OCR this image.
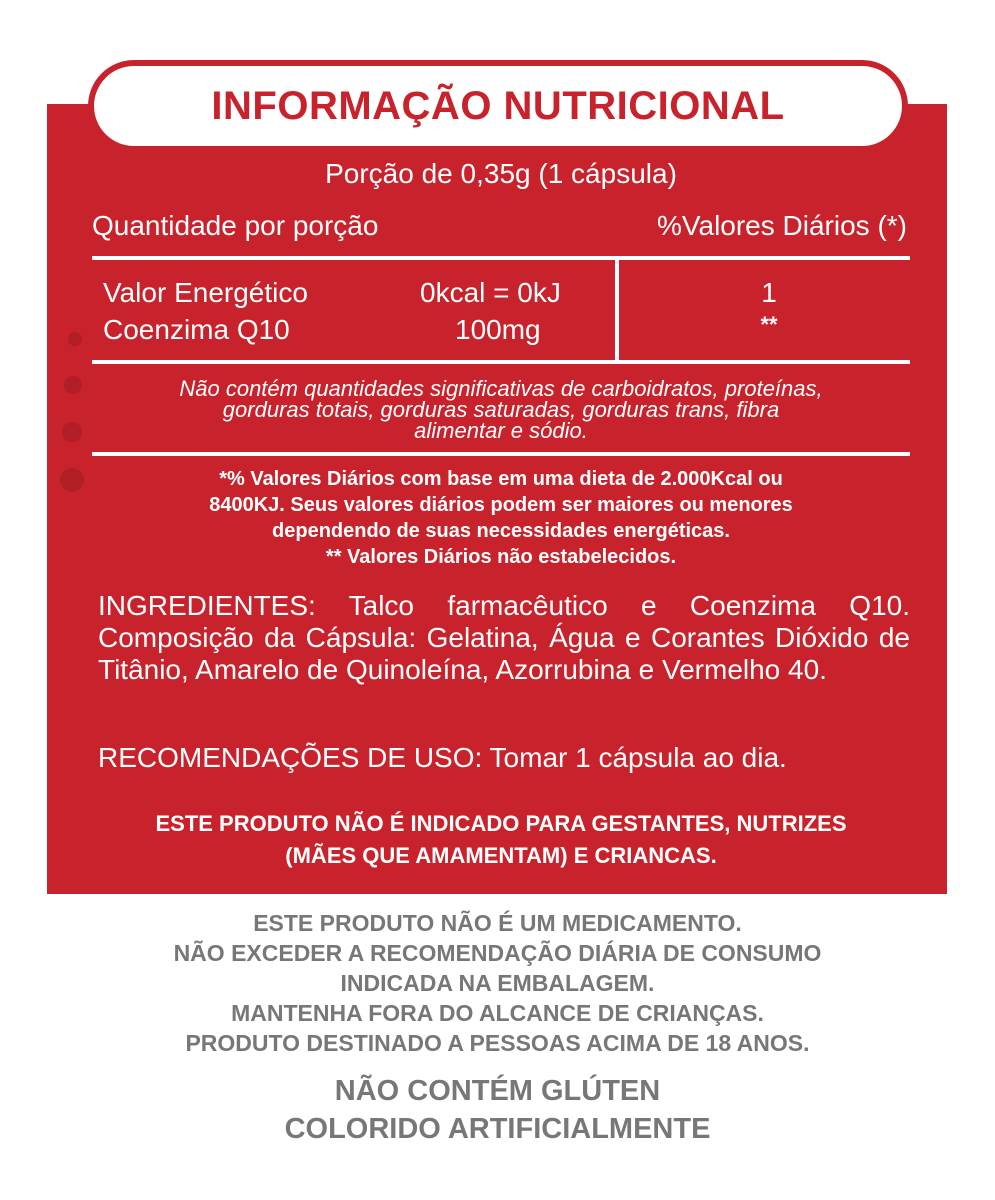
INFORMAÇÃO NUTRICIONAL
Porção de 0,35g (1 cápsula)
Quantidade por porção	%Valores Diários (*)
Valor Energético	0kcal = 0kJ	1
Coenzima Q10	100mg	**
Não contém quantidades significativas de carboidratos, proteínas,
gorduras totais, gorduras saturadas, gorduras trans, fibra
alimentar e sódio.
*% Valores Diários com base em uma dieta de 2.000Kcal ou
8400KJ. Seus valores diários podem ser maiores ou menores
dependendo de suas necessidades energéticas.
** Valores Diários não estabelecidos.
INGREDIENTES: Talco farmacêutico e Coenzima Q10. Composição da Cápsula: Gelatina, Água e Corantes Dióxido de Titânio, Amarelo de Quinoleína, Azorrubina e Vermelho 40.
RECOMENDAÇÕES DE USO: Tomar 1 cápsula ao dia.
ESTE PRODUTO NÃO É INDICADO PARA GESTANTES, NUTRIZES
(MÃES QUE AMAMENTAM) E CRIANCAS.
ESTE PRODUTO NÃO É UM MEDICAMENTO.
NÃO EXCEDER A RECOMENDAÇÃO DIÁRIA DE CONSUMO
INDICADA NA EMBALAGEM.
MANTENHA FORA DO ALCANCE DE CRIANÇAS.
PRODUTO DESTINADO A PESSOAS ACIMA DE 18 ANOS.
NÃO CONTÉM GLÚTEN
COLORIDO ARTIFICIALMENTE
